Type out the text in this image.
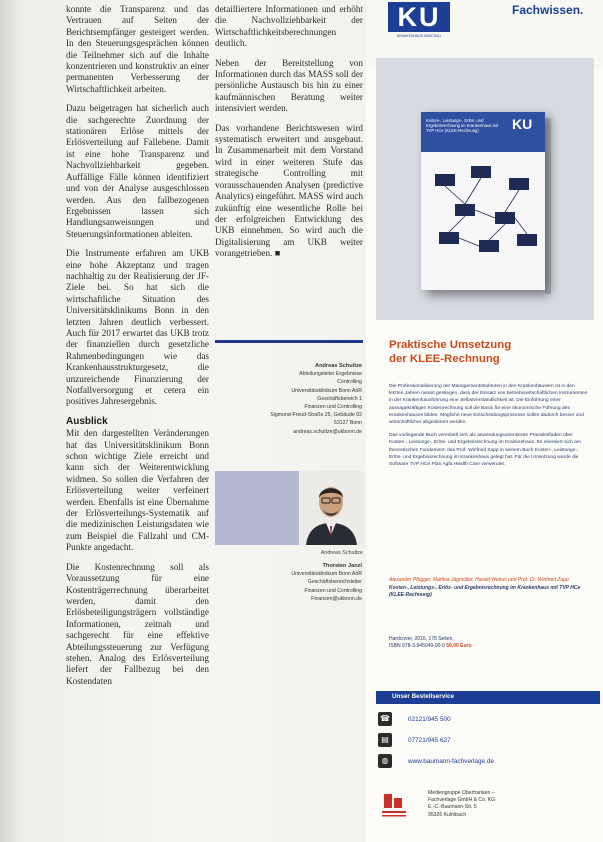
konnte die Transparenz und das Vertrauen auf Seiten der Berichtsempfänger gesteigert werden. In den Steuerungsgesprächen können die Teilnehmer sich auf die Inhalte konzentrieren und konstruktiv an einer permanenten Verbesserung der Wirtschaftlichkeit arbeiten.

Dazu beigetragen hat sicherlich auch die sachgerechte Zuordnung der stationären Erlöse mittels der Erlösverteilung auf Fallebene. Damit ist eine hohe Transparenz und Nachvollziehbarkeit gegeben. Auffällige Fälle können identifiziert und von der Analyse ausgeschlossen werden. Aus den fallbezogenen Ergebnissen lassen sich Handlungsanweisungen und Steuerungsinformationen ableiten.

Die Instrumente erfahren am UKB eine hohe Akzeptanz und tragen nachhaltig zu der Realisierung der JF-Ziele bei. So hat sich die wirtschaftliche Situation des Universitätsklinikums Bonn in den letzten Jahren deutlich verbessert. Auch für 2017 erwartet das UKB trotz der finanziellen durch gesetzliche Rahmenbedingungen wie das Krankenhausstrukturgesetz, die unzureichende Finanzierung der Notfallversorgung et cetera ein positives Jahresergebnis.

Ausblick

Mit den dargestellten Veränderungen hat das Universitätsklinikum Bonn schon wichtige Ziele erreicht und kann sich der Weiterentwicklung widmen. So sollen die Verfahren der Erlösverteilung weiter verfeinert werden. Ebenfalls ist eine Übernahme der Erlösverteilungs-Systematik auf die medizinischen Leistungsdaten wie zum Beispiel die Fallzahl und CM-Punkte angedacht.

Die Kostenrechnung soll als Voraussetzung für eine Kostenträgerrechnung überarbeitet werden, damit den Erlösbeteiligungsträgern vollständige Informationen, zeitnah und sachgerecht für eine effektive Abteilungssteuerung zur Verfügung stehen. Analog des Erlösverteilung liefert der Fallbezug bei den Kostendaten

detailliertere Informationen und erhöht die Nachvollziehbarkeit der Wirtschaftlichkeitsberechnungen deutlich.

Neben der Bereitstellung von Informationen durch das MASS soll der persönliche Austausch bis hin zu einer kaufmännischen Beratung weiter intensiviert werden.

Das vorhandene Berichtswesen wird systematisch erweitert und ausgebaut. In Zusammenarbeit mit dem Vorstand wird in einer weiteren Stufe das strategische Controlling mit vorausschauenden Analysen (predictive Analytics) eingeführt. MASS wird auch zukünftig eine wesentliche Rolle bei der erfolgreichen Entwicklung des UKB einnehmen. So wird auch die Digitalisierung am UKB weiter vorangetrieben. ■

Andreas Schultze
Abteilungsleiter Ergebnisse
Controlling
Universitätsklinikum Bonn AöR
Geschäftsbereich 1
Finanzen und Controlling
Sigmund-Freud-Straße 25, Gebäude 02
53127 Bonn
andreas.schultze@ukbonn.de
Andreas Schultze
Thorsten Janzl
Universitätsklinikum Bonn AöR
Geschäftsbereichsleiter
Finanzen und Controlling
Finanzen@ukbonn.de
KU
KRANKENHAUS UMSCHAU
Fachwissen.
Kosten-, Leistungs-, Erlös- und Ergebnisrechnung im Krankenhaus mit TVP HCe (KLEE-Rechnung)	KU
Praktische Umsetzung
der KLEE-Rechnung

Die Professionalisierung der Managementstrukturen in den Krankenhäusern ist in den letzten Jahren rasant gestiegen, dass der Einsatz von betriebswirtschaftlichen Instrumenten in der Krankenhausführung eine Selbstverständlichkeit ist. Die Einführung einer aussagekräftigen Kostenrechnung soll die Basis für eine ökonomische Führung des Krankenhauses bilden. Mögliche neue Entscheidungsprozesse sollen dadurch besser und wirtschaftlicher abgestimmt werden.

Das vorliegende Buch vermittelt sich als anwendungsorientierter Praxisleitfaden über Kosten-, Leistungs-, Erlös- und Ergebnisrechnung im Krankenhaus. Es orientiert sich am theoretischen Fundament, das Prof. Winfried Zapp in seinem Buch Kosten-, Leistungs-, Erlös- und Ergebnisrechnung im Krankenhaus gelegt hat. Für die Umsetzung wurde die Software TVP HCe Plan Agfa Health Care verwendet.

Alexander Pfügger, Martina Jägmüller, Harald Webus und Prof. Dr. Winfried Zapp
Kosten-, Leistungs-, Erlös- und Ergebnisrechnung im Krankenhaus mit TVP HCe (KLEE-Rechnung)
Hardcover, 2016, 178 Seiten,
ISBN 978-3-945049-00-0 59,00 Euro
Unser Bestellservice
☎	02121/945 500
▤	07721/945 627
◍	www.baumann-fachverlage.de
Mediengruppe Oberfranken –
Fachverlage GmbH & Co. KG
E.-C.-Baumann-Str. 5
95326 Kulmbach
